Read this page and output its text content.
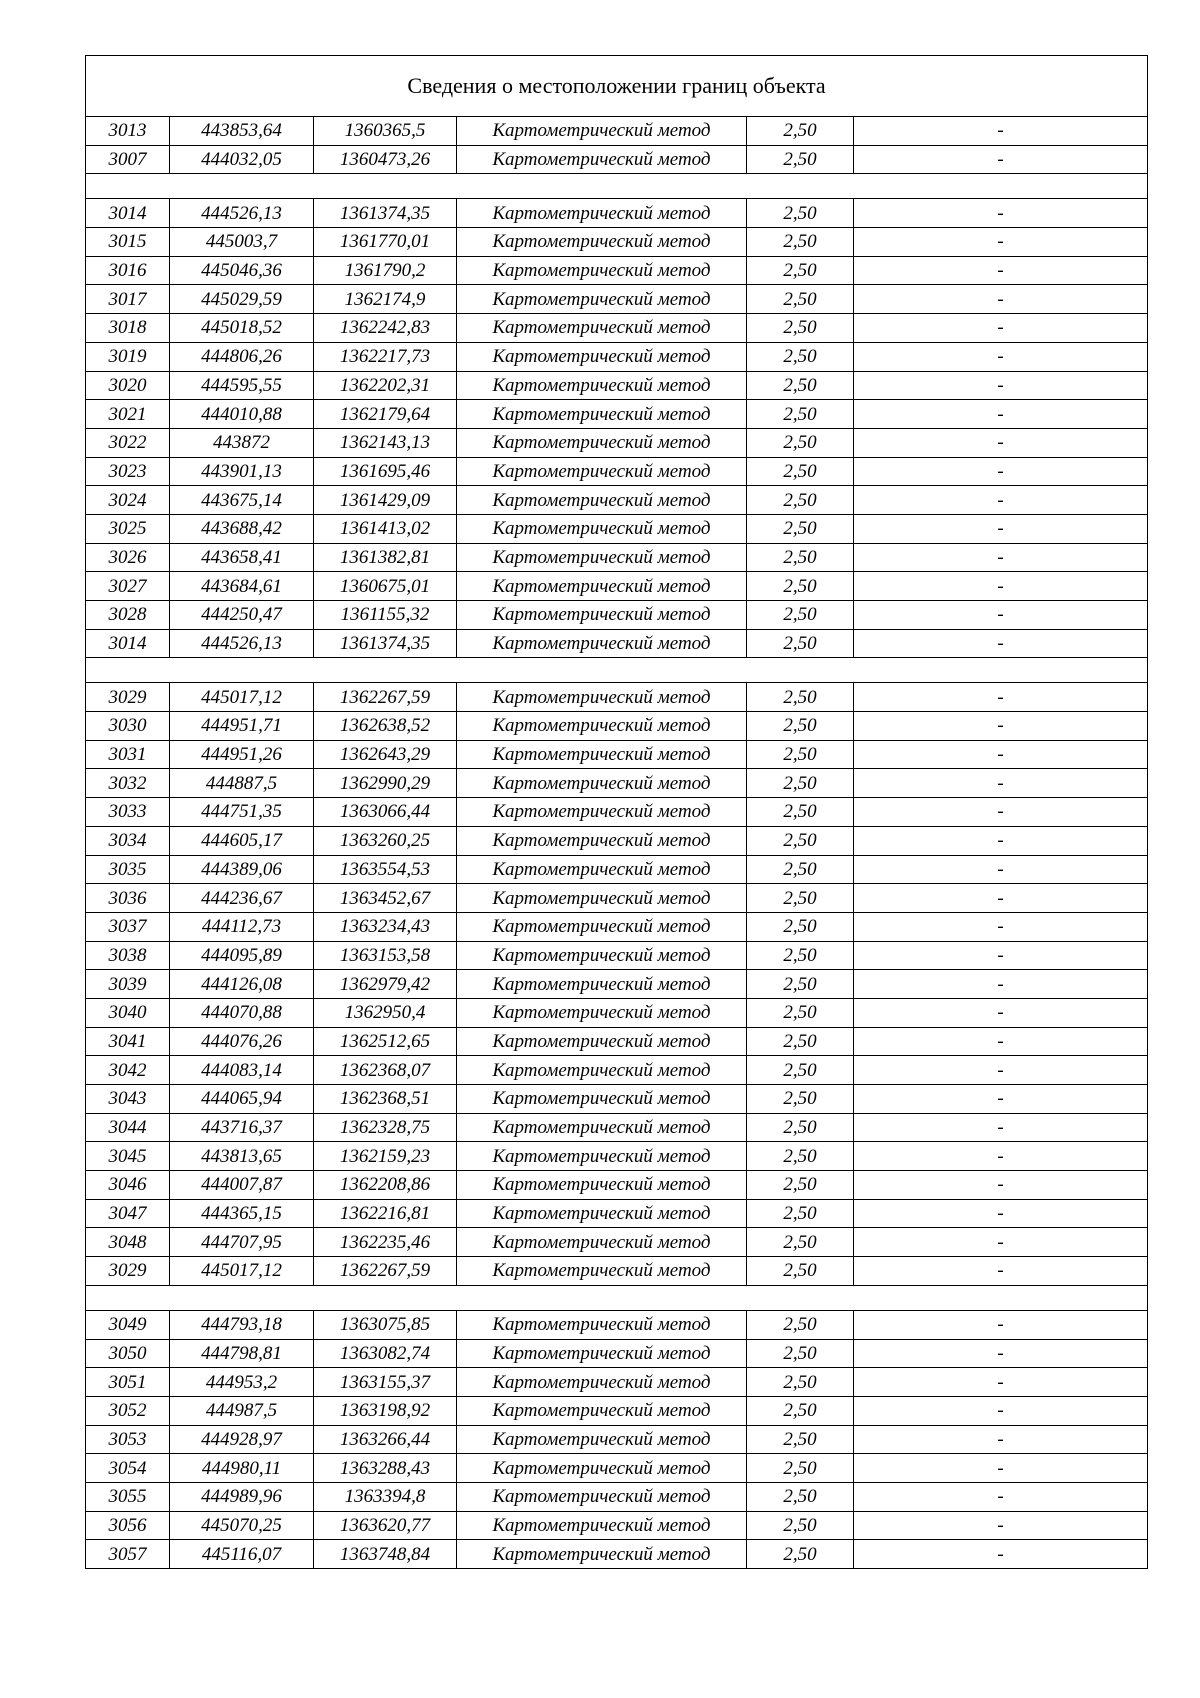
Сведения о местоположении границ объекта					
3013	443853,64	1360365,5	Картометрический метод	2,50	-
3007	444032,05	1360473,26	Картометрический метод	2,50	-

3014	444526,13	1361374,35	Картометрический метод	2,50	-
3015	445003,7	1361770,01	Картометрический метод	2,50	-
3016	445046,36	1361790,2	Картометрический метод	2,50	-
3017	445029,59	1362174,9	Картометрический метод	2,50	-
3018	445018,52	1362242,83	Картометрический метод	2,50	-
3019	444806,26	1362217,73	Картометрический метод	2,50	-
3020	444595,55	1362202,31	Картометрический метод	2,50	-
3021	444010,88	1362179,64	Картометрический метод	2,50	-
3022	443872	1362143,13	Картометрический метод	2,50	-
3023	443901,13	1361695,46	Картометрический метод	2,50	-
3024	443675,14	1361429,09	Картометрический метод	2,50	-
3025	443688,42	1361413,02	Картометрический метод	2,50	-
3026	443658,41	1361382,81	Картометрический метод	2,50	-
3027	443684,61	1360675,01	Картометрический метод	2,50	-
3028	444250,47	1361155,32	Картометрический метод	2,50	-
3014	444526,13	1361374,35	Картометрический метод	2,50	-

3029	445017,12	1362267,59	Картометрический метод	2,50	-
3030	444951,71	1362638,52	Картометрический метод	2,50	-
3031	444951,26	1362643,29	Картометрический метод	2,50	-
3032	444887,5	1362990,29	Картометрический метод	2,50	-
3033	444751,35	1363066,44	Картометрический метод	2,50	-
3034	444605,17	1363260,25	Картометрический метод	2,50	-
3035	444389,06	1363554,53	Картометрический метод	2,50	-
3036	444236,67	1363452,67	Картометрический метод	2,50	-
3037	444112,73	1363234,43	Картометрический метод	2,50	-
3038	444095,89	1363153,58	Картометрический метод	2,50	-
3039	444126,08	1362979,42	Картометрический метод	2,50	-
3040	444070,88	1362950,4	Картометрический метод	2,50	-
3041	444076,26	1362512,65	Картометрический метод	2,50	-
3042	444083,14	1362368,07	Картометрический метод	2,50	-
3043	444065,94	1362368,51	Картометрический метод	2,50	-
3044	443716,37	1362328,75	Картометрический метод	2,50	-
3045	443813,65	1362159,23	Картометрический метод	2,50	-
3046	444007,87	1362208,86	Картометрический метод	2,50	-
3047	444365,15	1362216,81	Картометрический метод	2,50	-
3048	444707,95	1362235,46	Картометрический метод	2,50	-
3029	445017,12	1362267,59	Картометрический метод	2,50	-

3049	444793,18	1363075,85	Картометрический метод	2,50	-
3050	444798,81	1363082,74	Картометрический метод	2,50	-
3051	444953,2	1363155,37	Картометрический метод	2,50	-
3052	444987,5	1363198,92	Картометрический метод	2,50	-
3053	444928,97	1363266,44	Картометрический метод	2,50	-
3054	444980,11	1363288,43	Картометрический метод	2,50	-
3055	444989,96	1363394,8	Картометрический метод	2,50	-
3056	445070,25	1363620,77	Картометрический метод	2,50	-
3057	445116,07	1363748,84	Картометрический метод	2,50	-
